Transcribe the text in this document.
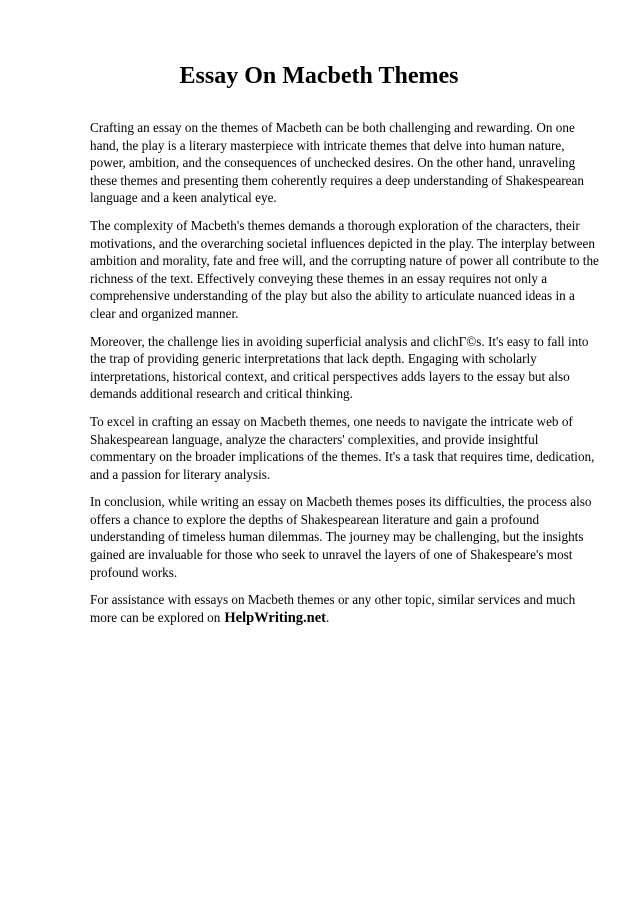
Essay On Macbeth Themes

Crafting an essay on the themes of Macbeth can be both challenging and rewarding. On one hand, the play is a literary masterpiece with intricate themes that delve into human nature, power, ambition, and the consequences of unchecked desires. On the other hand, unraveling these themes and presenting them coherently requires a deep understanding of Shakespearean language and a keen analytical eye.

The complexity of Macbeth's themes demands a thorough exploration of the characters, their motivations, and the overarching societal influences depicted in the play. The interplay between ambition and morality, fate and free will, and the corrupting nature of power all contribute to the richness of the text. Effectively conveying these themes in an essay requires not only a comprehensive understanding of the play but also the ability to articulate nuanced ideas in a clear and organized manner.

Moreover, the challenge lies in avoiding superficial analysis and clichГ©s. It's easy to fall into the trap of providing generic interpretations that lack depth. Engaging with scholarly interpretations, historical context, and critical perspectives adds layers to the essay but also demands additional research and critical thinking.

To excel in crafting an essay on Macbeth themes, one needs to navigate the intricate web of Shakespearean language, analyze the characters' complexities, and provide insightful commentary on the broader implications of the themes. It's a task that requires time, dedication, and a passion for literary analysis.

In conclusion, while writing an essay on Macbeth themes poses its difficulties, the process also offers a chance to explore the depths of Shakespearean literature and gain a profound understanding of timeless human dilemmas. The journey may be challenging, but the insights gained are invaluable for those who seek to unravel the layers of one of Shakespeare's most profound works.

For assistance with essays on Macbeth themes or any other topic, similar services and much more can be explored on HelpWriting.net.
